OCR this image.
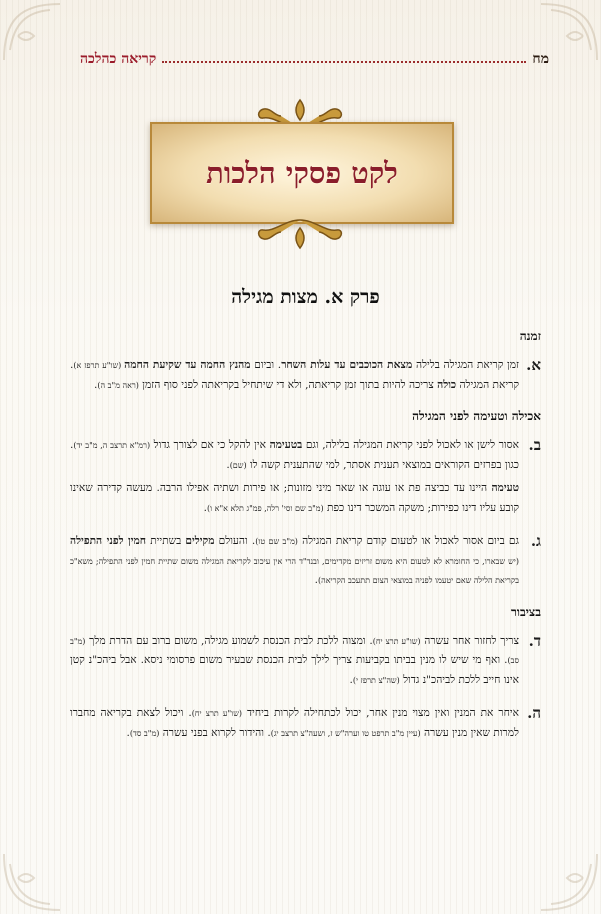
מח
קריאה כהלכה
לקט פסקי הלכות
פרק א. מצות מגילה
זמנה
א.
זמן קריאת המגילה בלילה מצאת הכוכבים עד עלות השחר. וביום מהנץ החמה עד שקיעת החמה (שו"ע תרפז א). קריאת המגילה כולה צריכה להיות בתוך זמן קריאתה, ולא די שיתחיל בקריאתה לפני סוף הזמן (ראה מ"ב ה).
אכילה וטעימה לפני המגילה
ב.
אסור לישן או לאכול לפני קריאת המגילה בלילה, וגם בטעימה אין להקל כי אם לצורך גדול (רמ"א תרצב ה, מ"ב יד). כגון בפרזים הקוראים במוצאי תענית אסתר, למי שהתענית קשה לו (שם).
טעימה היינו עד כביצה פת או עוגה או שאר מיני מזונות; או פירות ושתיה אפילו הרבה. מעשה קדירה שאינו קובע עליו דינו כפירות; משקה המשכר דינו כפת (מ"ב שם וסי' רלה, פמ"ג תלא א"א ו).
ג.
גם ביום אסור לאכול או לטעום קודם קריאת המגילה (מ"ב שם טו). והעולם מקילים בשתיית חמין לפני התפילה (יש שבארו, כי החומרא לא לטעום היא משום זריזים מקדימים, ובנד"ד הרי אין עיכוב לקריאת המגילה משום שתיית חמין לפני התפילה; משא"כ בקריאת הלילה שאם יטעמו לפניה במוצאי הצום תתעכב הקריאה).
בציבור
ד.
צריך לחזור אחר עשרה (שו"ע תרצ יח). ומצוה ללכת לבית הכנסת לשמוע מגילה, משום ברוב עם הדרת מלך (מ"ב סב). ואף מי שיש לו מנין בביתו בקביעות צריך לילך לבית הכנסת שבעיר משום פרסומי ניסא. אבל ביהכ"נ קטן אינו חייב ללכת לביהכ"נ גדול (שה"צ תרפז י).
ה.
איחר את המנין ואין מצוי מנין אחר, יכול לכתחילה לקרות ביחיד (שו"ע תרצ יח). ויכול לצאת בקריאה מחברו למרות שאין מנין עשרה (עיין מ"ב תרפט טו וערה"ש ז, ושעה"צ תרצב יג). והידור לקרוא בפני עשרה (מ"ב סד).
